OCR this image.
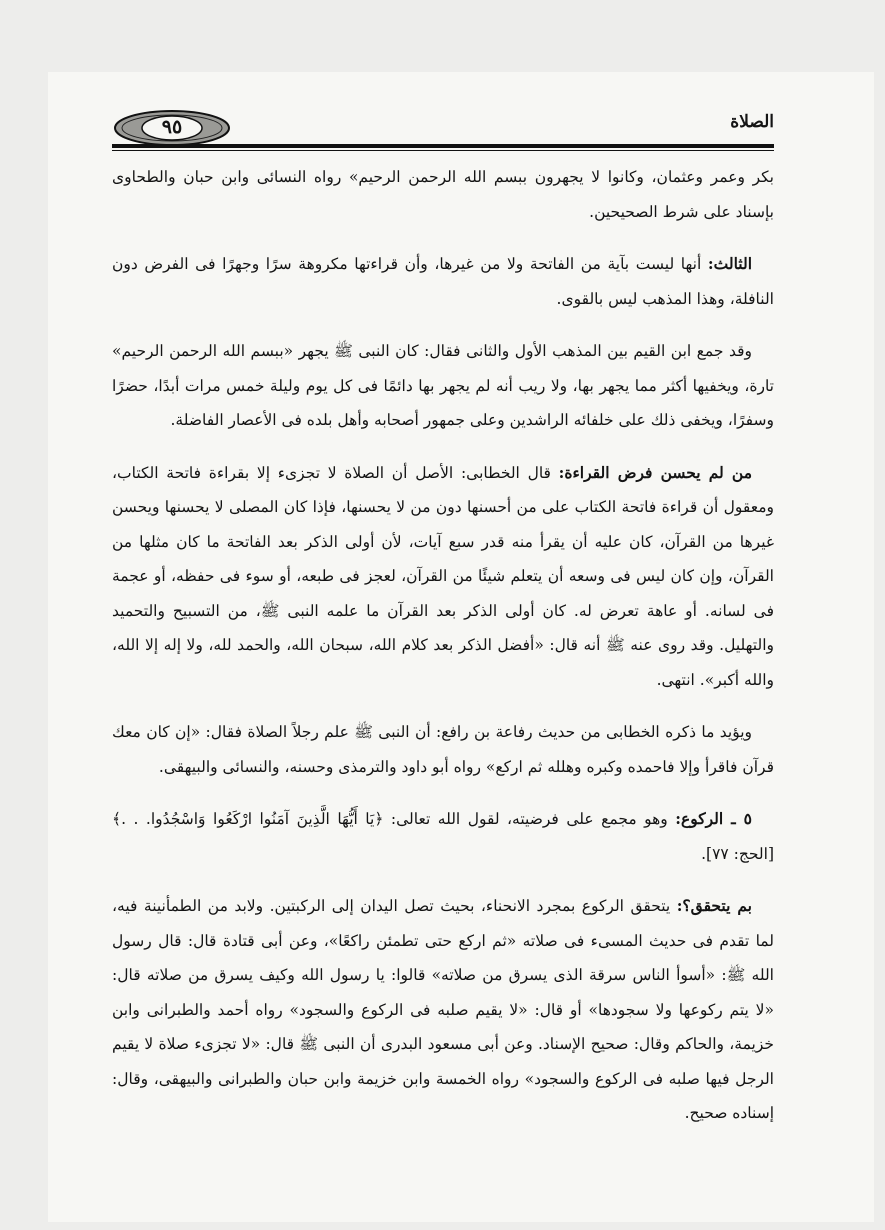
الصلاة
٩٥

بكر وعمر وعثمان، وكانوا لا يجهرون ببسم الله الرحمن الرحيم» رواه النسائى وابن حبان والطحاوى بإسناد على شرط الصحيحين.

الثالث: أنها ليست بآية من الفاتحة ولا من غيرها، وأن قراءتها مكروهة سرًا وجهرًا فى الفرض دون النافلة، وهذا المذهب ليس بالقوى.

وقد جمع ابن القيم بين المذهب الأول والثانى فقال: كان النبى ﷺ يجهر «ببسم الله الرحمن الرحيم» تارة، ويخفيها أكثر مما يجهر بها، ولا ريب أنه لم يجهر بها دائمًا فى كل يوم وليلة خمس مرات أبدًا، حضرًا وسفرًا، ويخفى ذلك على خلفائه الراشدين وعلى جمهور أصحابه وأهل بلده فى الأعصار الفاضلة.

من لم يحسن فرض القراءة: قال الخطابى: الأصل أن الصلاة لا تجزىء إلا بقراءة فاتحة الكتاب، ومعقول أن قراءة فاتحة الكتاب على من أحسنها دون من لا يحسنها، فإذا كان المصلى لا يحسنها ويحسن غيرها من القرآن، كان عليه أن يقرأ منه قدر سبع آيات، لأن أولى الذكر بعد الفاتحة ما كان مثلها من القرآن، وإن كان ليس فى وسعه أن يتعلم شيئًا من القرآن، لعجز فى طبعه، أو سوء فى حفظه، أو عجمة فى لسانه. أو عاهة تعرض له. كان أولى الذكر بعد القرآن ما علمه النبى ﷺ، من التسبيح والتحميد والتهليل. وقد روى عنه ﷺ أنه قال: «أفضل الذكر بعد كلام الله، سبحان الله، والحمد لله، ولا إله إلا الله، والله أكبر». انتهى.

ويؤيد ما ذكره الخطابى من حديث رفاعة بن رافع: أن النبى ﷺ علم رجلاً الصلاة فقال: «إن كان معك قرآن فاقرأ وإلا فاحمده وكبره وهلله ثم اركع» رواه أبو داود والترمذى وحسنه، والنسائى والبيهقى.

٥ ـ الركوع: وهو مجمع على فرضيته، لقول الله تعالى: ﴿يَا أَيُّهَا الَّذِينَ آمَنُوا ارْكَعُوا وَاسْجُدُوا. . .﴾ [الحج: ٧٧].

بم يتحقق؟: يتحقق الركوع بمجرد الانحناء، بحيث تصل اليدان إلى الركبتين. ولابد من الطمأنينة فيه، لما تقدم فى حديث المسىء فى صلاته «ثم اركع حتى تطمئن راكعًا»، وعن أبى قتادة قال: قال رسول الله ﷺ: «أسوأ الناس سرقة الذى يسرق من صلاته» قالوا: يا رسول الله وكيف يسرق من صلاته قال: «لا يتم ركوعها ولا سجودها» أو قال: «لا يقيم صلبه فى الركوع والسجود» رواه أحمد والطبرانى وابن خزيمة، والحاكم وقال: صحيح الإسناد. وعن أبى مسعود البدرى أن النبى ﷺ قال: «لا تجزىء صلاة لا يقيم الرجل فيها صلبه فى الركوع والسجود» رواه الخمسة وابن خزيمة وابن حبان والطبرانى والبيهقى، وقال: إسناده صحيح.
